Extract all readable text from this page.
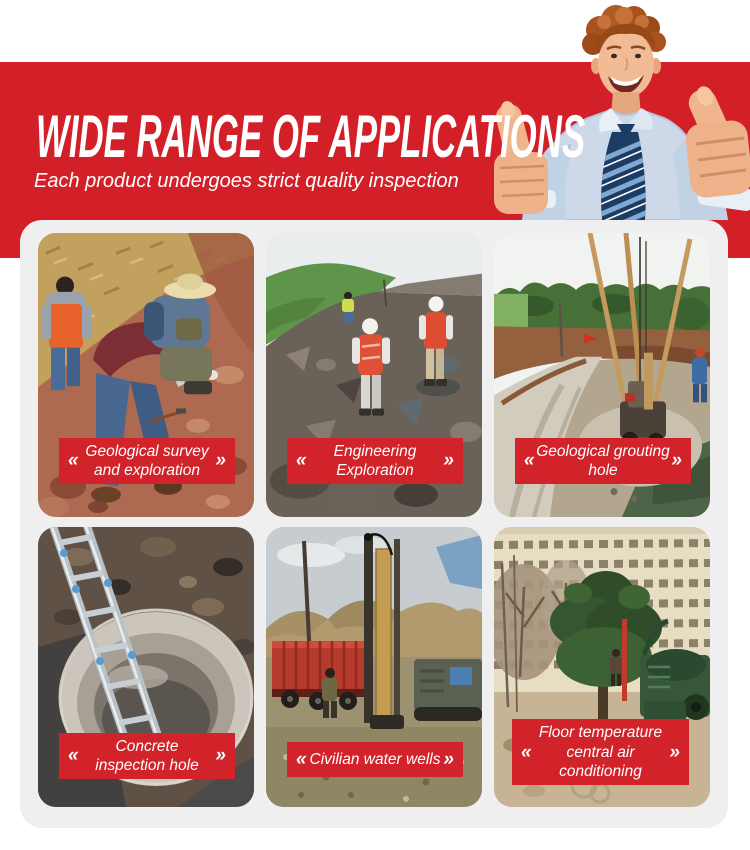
WIDE RANGE OF APPLICATIONS
Each product undergoes strict quality inspection
« Geological survey
and exploration »	«	Engineering
Exploration	»	« Geological grouting
hole	»
«	Concrete
inspection hole »	« Civilian water wells »	«
Floor temperature
central air
conditioning
»
